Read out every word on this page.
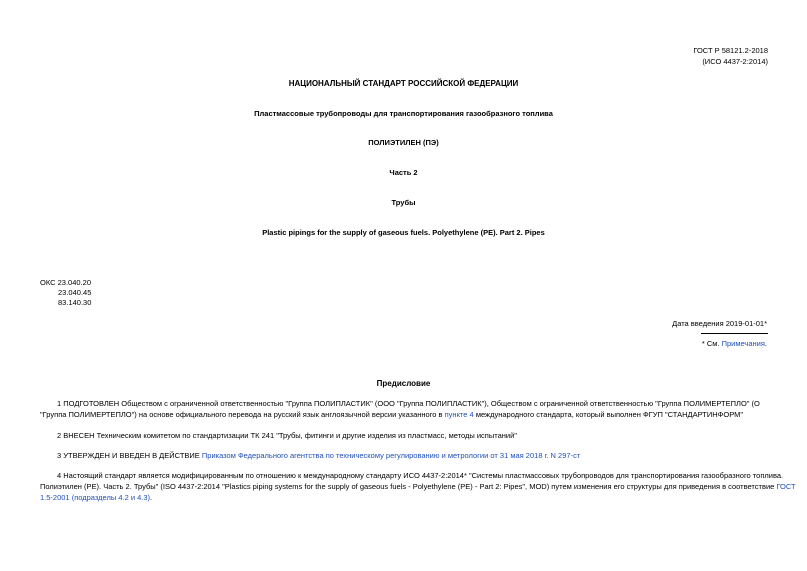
ГОСТ Р 58121.2-2018
(ИСО 4437-2:2014)
НАЦИОНАЛЬНЫЙ СТАНДАРТ РОССИЙСКОЙ ФЕДЕРАЦИИ
Пластмассовые трубопроводы для транспортирования газообразного топлива
ПОЛИЭТИЛЕН (ПЭ)
Часть 2
Трубы
Plastic pipings for the supply of gaseous fuels. Polyethylene (PE). Part 2. Pipes
ОКС 23.040.20
23.040.45
83.140.30
Дата введения 2019-01-01*
* См. Примечания.
Предисловие
1 ПОДГОТОВЛЕН Обществом с ограниченной ответственностью "Группа ПОЛИПЛАСТИК" (ООО "Группа ПОЛИПЛАСТИК"), Обществом с ограниченной ответственностью "Группа ПОЛИМЕРТЕПЛО" (О
"Группа ПОЛИМЕРТЕПЛО") на основе официального перевода на русский язык англоязычной версии указанного в пункте 4 международного стандарта, который выполнен ФГУП "СТАНДАРТИНФОРМ"
2 ВНЕСЕН Техническим комитетом по стандартизации ТК 241 "Трубы, фитинги и другие изделия из пластмасс, методы испытаний"
3 УТВЕРЖДЕН И ВВЕДЕН В ДЕЙСТВИЕ Приказом Федерального агентства по техническому регулированию и метрологии от 31 мая 2018 г. N 297-ст
4 Настоящий стандарт является модифицированным по отношению к международному стандарту ИСО 4437-2:2014* "Системы пластмассовых трубопроводов для транспортирования газообразного топлива.
Полиэтилен (PE). Часть 2. Трубы" (ISO 4437-2:2014 "Plastics piping systems for the supply of gaseous fuels - Polyethylene (PE) - Part 2: Pipes", MOD) путем изменения его структуры для приведения в соответствие ГОСТ
1.5-2001 (подразделы 4.2 и 4.3).
